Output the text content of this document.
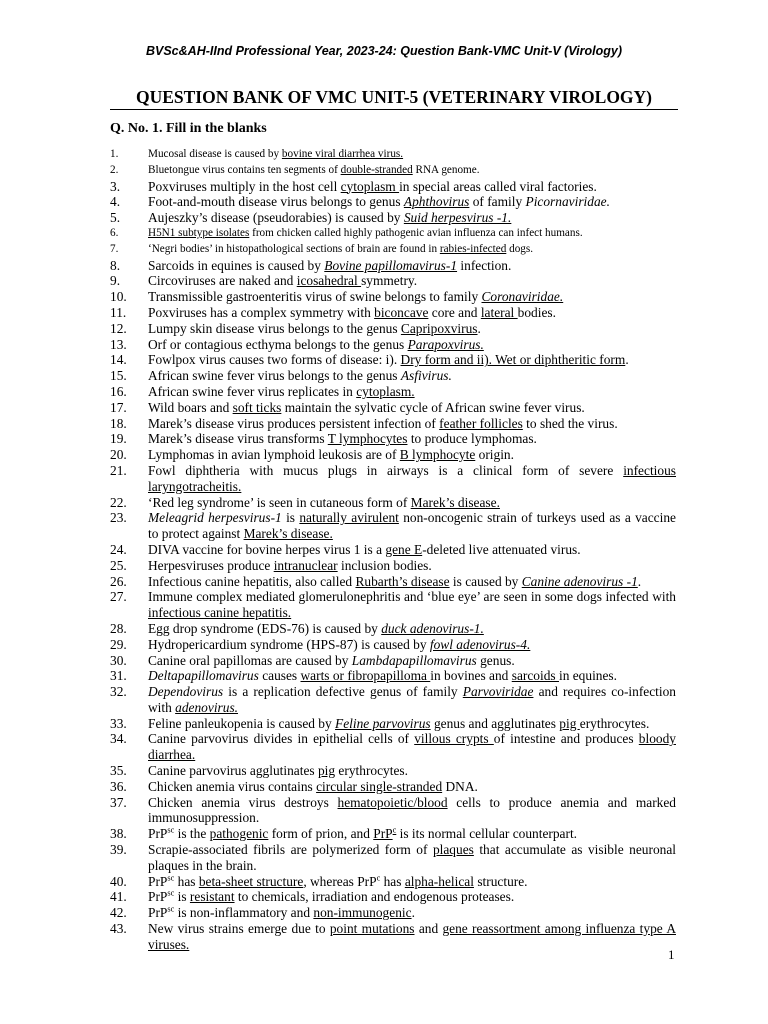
BVSc&AH-IInd Professional Year, 2023-24: Question Bank-VMC Unit-V (Virology)
QUESTION BANK OF VMC UNIT-5 (VETERINARY VIROLOGY)
Q. No. 1. Fill in the blanks
1.	Mucosal disease is caused by bovine viral diarrhea virus.
2.	Bluetongue virus contains ten segments of double-stranded RNA genome.
3.	Poxviruses multiply in the host cell cytoplasm in special areas called viral factories.
4.	Foot-and-mouth disease virus belongs to genus Aphthovirus of family Picornaviridae.
5.	Aujeszky’s disease (pseudorabies) is caused by Suid herpesvirus -1.
6.	H5N1 subtype isolates from chicken called highly pathogenic avian influenza can infect humans.
7.	‘Negri bodies’ in histopathological sections of brain are found in rabies-infected dogs.
8.	Sarcoids in equines is caused by Bovine papillomavirus-1 infection.
9.	Circoviruses are naked and icosahedral symmetry.
10.	Transmissible gastroenteritis virus of swine belongs to family Coronaviridae.
11.	Poxviruses has a complex symmetry with biconcave core and lateral bodies.
12.	Lumpy skin disease virus belongs to the genus Capripoxvirus.
13.	Orf or contagious ecthyma belongs to the genus Parapoxvirus.
14.	Fowlpox virus causes two forms of disease: i). Dry form and ii). Wet or diphtheritic form.
15.	African swine fever virus belongs to the genus Asfivirus.
16.	African swine fever virus replicates in cytoplasm.
17.	Wild boars and soft ticks maintain the sylvatic cycle of African swine fever virus.
18.	Marek’s disease virus produces persistent infection of feather follicles to shed the virus.
19.	Marek’s disease virus transforms T lymphocytes to produce lymphomas.
20.	Lymphomas in avian lymphoid leukosis are of B lymphocyte origin.
21.	Fowl diphtheria with mucus plugs in airways is a clinical form of severe infectious laryngotracheitis.
22.	‘Red leg syndrome’ is seen in cutaneous form of Marek’s disease.
23.	Meleagrid herpesvirus-1 is naturally avirulent non-oncogenic strain of turkeys used as a vaccine to protect against Marek’s disease.
24.	DIVA vaccine for bovine herpes virus 1 is a gene E-deleted live attenuated virus.
25.	Herpesviruses produce intranuclear inclusion bodies.
26.	Infectious canine hepatitis, also called Rubarth’s disease is caused by Canine adenovirus -1.
27.	Immune complex mediated glomerulonephritis and ‘blue eye’ are seen in some dogs infected with infectious canine hepatitis.
28.	Egg drop syndrome (EDS-76) is caused by duck adenovirus-1.
29.	Hydropericardium syndrome (HPS-87) is caused by fowl adenovirus-4.
30.	Canine oral papillomas are caused by Lambdapapillomavirus genus.
31.	Deltapapillomavirus causes warts or fibropapilloma in bovines and sarcoids in equines.
32.	Dependovirus is a replication defective genus of family Parvoviridae and requires co-infection with adenovirus.
33.	Feline panleukopenia is caused by Feline parvovirus genus and agglutinates pig erythrocytes.
34.	Canine parvovirus divides in epithelial cells of villous crypts of intestine and produces bloody diarrhea.
35.	Canine parvovirus agglutinates pig erythrocytes.
36.	Chicken anemia virus contains circular single-stranded DNA.
37.	Chicken anemia virus destroys hematopoietic/blood cells to produce anemia and marked immunosuppression.
38.	PrP$^{sc}$ is the pathogenic form of prion, and PrP$^c$ is its normal cellular counterpart.
39.	Scrapie-associated fibrils are polymerized form of plaques that accumulate as visible neuronal plaques in the brain.
40.	PrP$^{sc}$ has beta-sheet structure, whereas PrP$^c$ has alpha-helical structure.
41.	PrP$^{sc}$ is resistant to chemicals, irradiation and endogenous proteases.
42.	PrP$^{sc}$ is non-inflammatory and non-immunogenic.
43.	New virus strains emerge due to point mutations and gene reassortment among influenza type A viruses.
1
